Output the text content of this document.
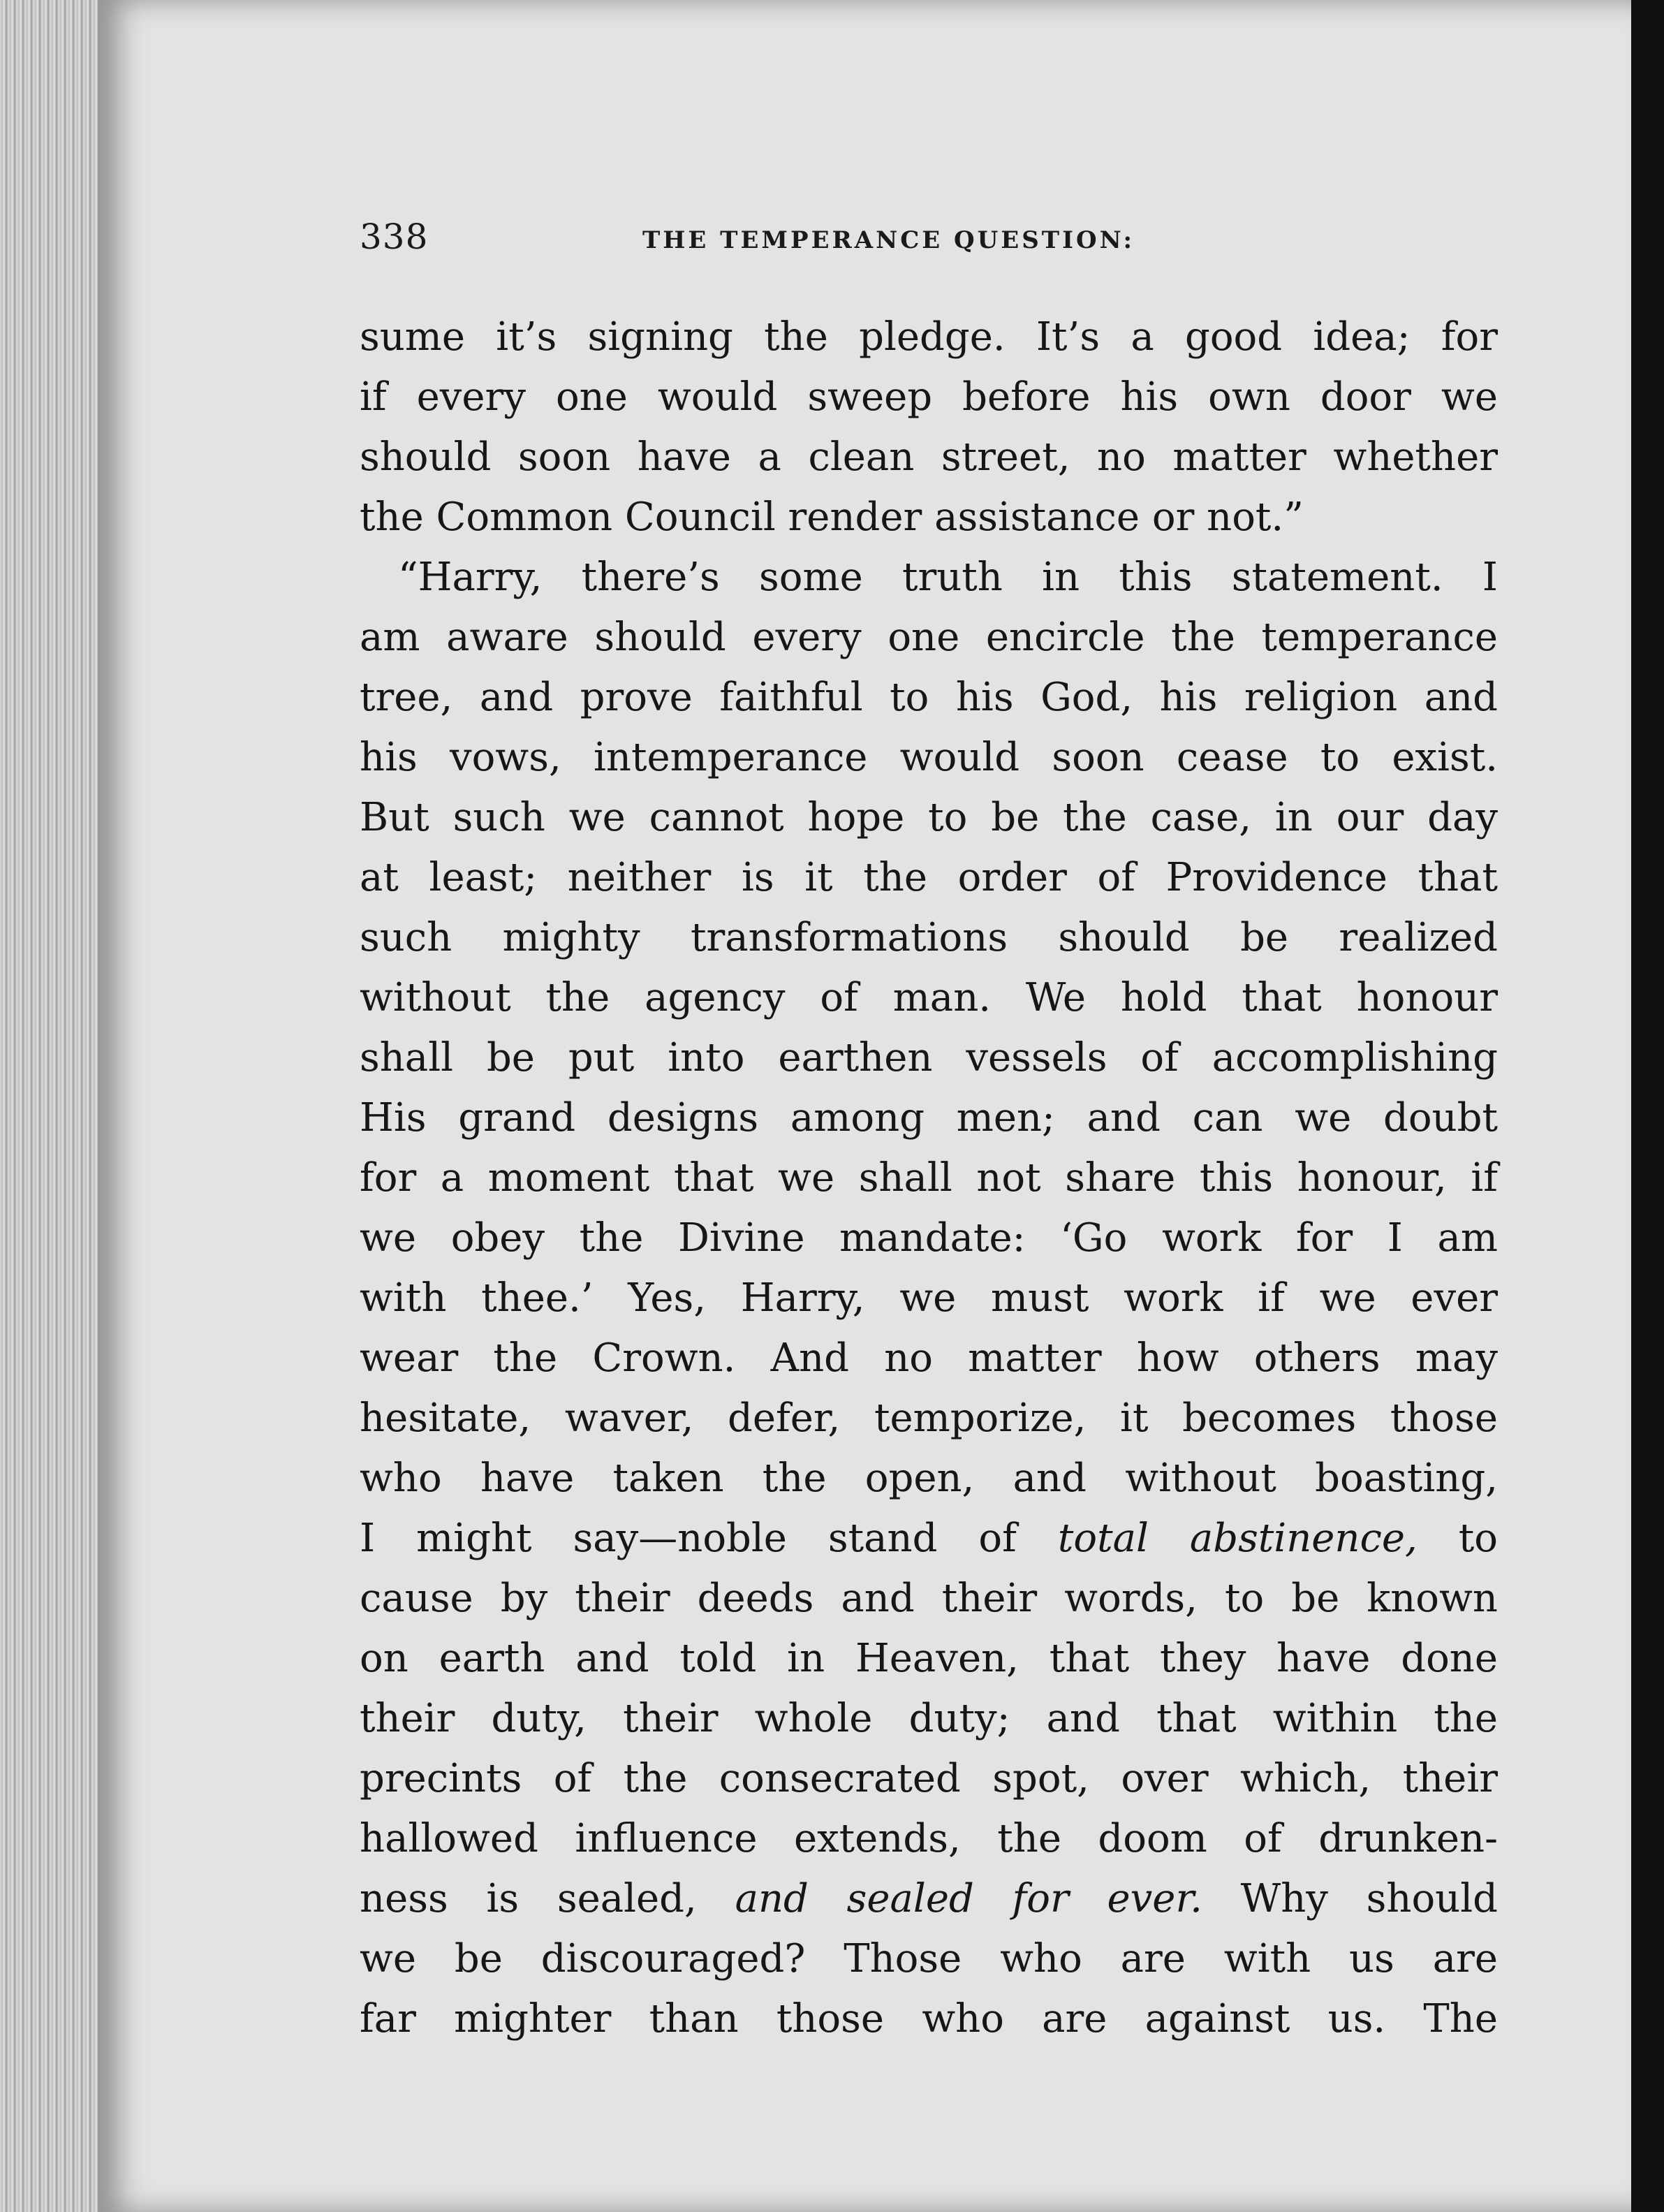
338	THE TEMPERANCE QUESTION:
sume it’s signing the pledge. It’s a good idea; for
if every one would sweep before his own door we
should soon have a clean street, no matter whether
the Common Council render assistance or not.”
“Harry, there’s some truth in this statement. I
am aware should every one encircle the temperance
tree, and prove faithful to his God, his religion and
his vows, intemperance would soon cease to exist.
But such we cannot hope to be the case, in our day
at least; neither is it the order of Providence that
such mighty transformations should be realized
without the agency of man. We hold that honour
shall be put into earthen vessels of accomplishing
His grand designs among men; and can we doubt
for a moment that we shall not share this honour, if
we obey the Divine mandate: ‘Go work for I am
with thee.’ Yes, Harry, we must work if we ever
wear the Crown. And no matter how others may
hesitate, waver, defer, temporize, it becomes those
who have taken the open, and without boasting,
I might say—noble stand of total abstinence, to
cause by their deeds and their words, to be known
on earth and told in Heaven, that they have done
their duty, their whole duty; and that within the
precints of the consecrated spot, over which, their
hallowed influence extends, the doom of drunken-
ness is sealed, and sealed for ever. Why should
we be discouraged? Those who are with us are
far mighter than those who are against us. The
